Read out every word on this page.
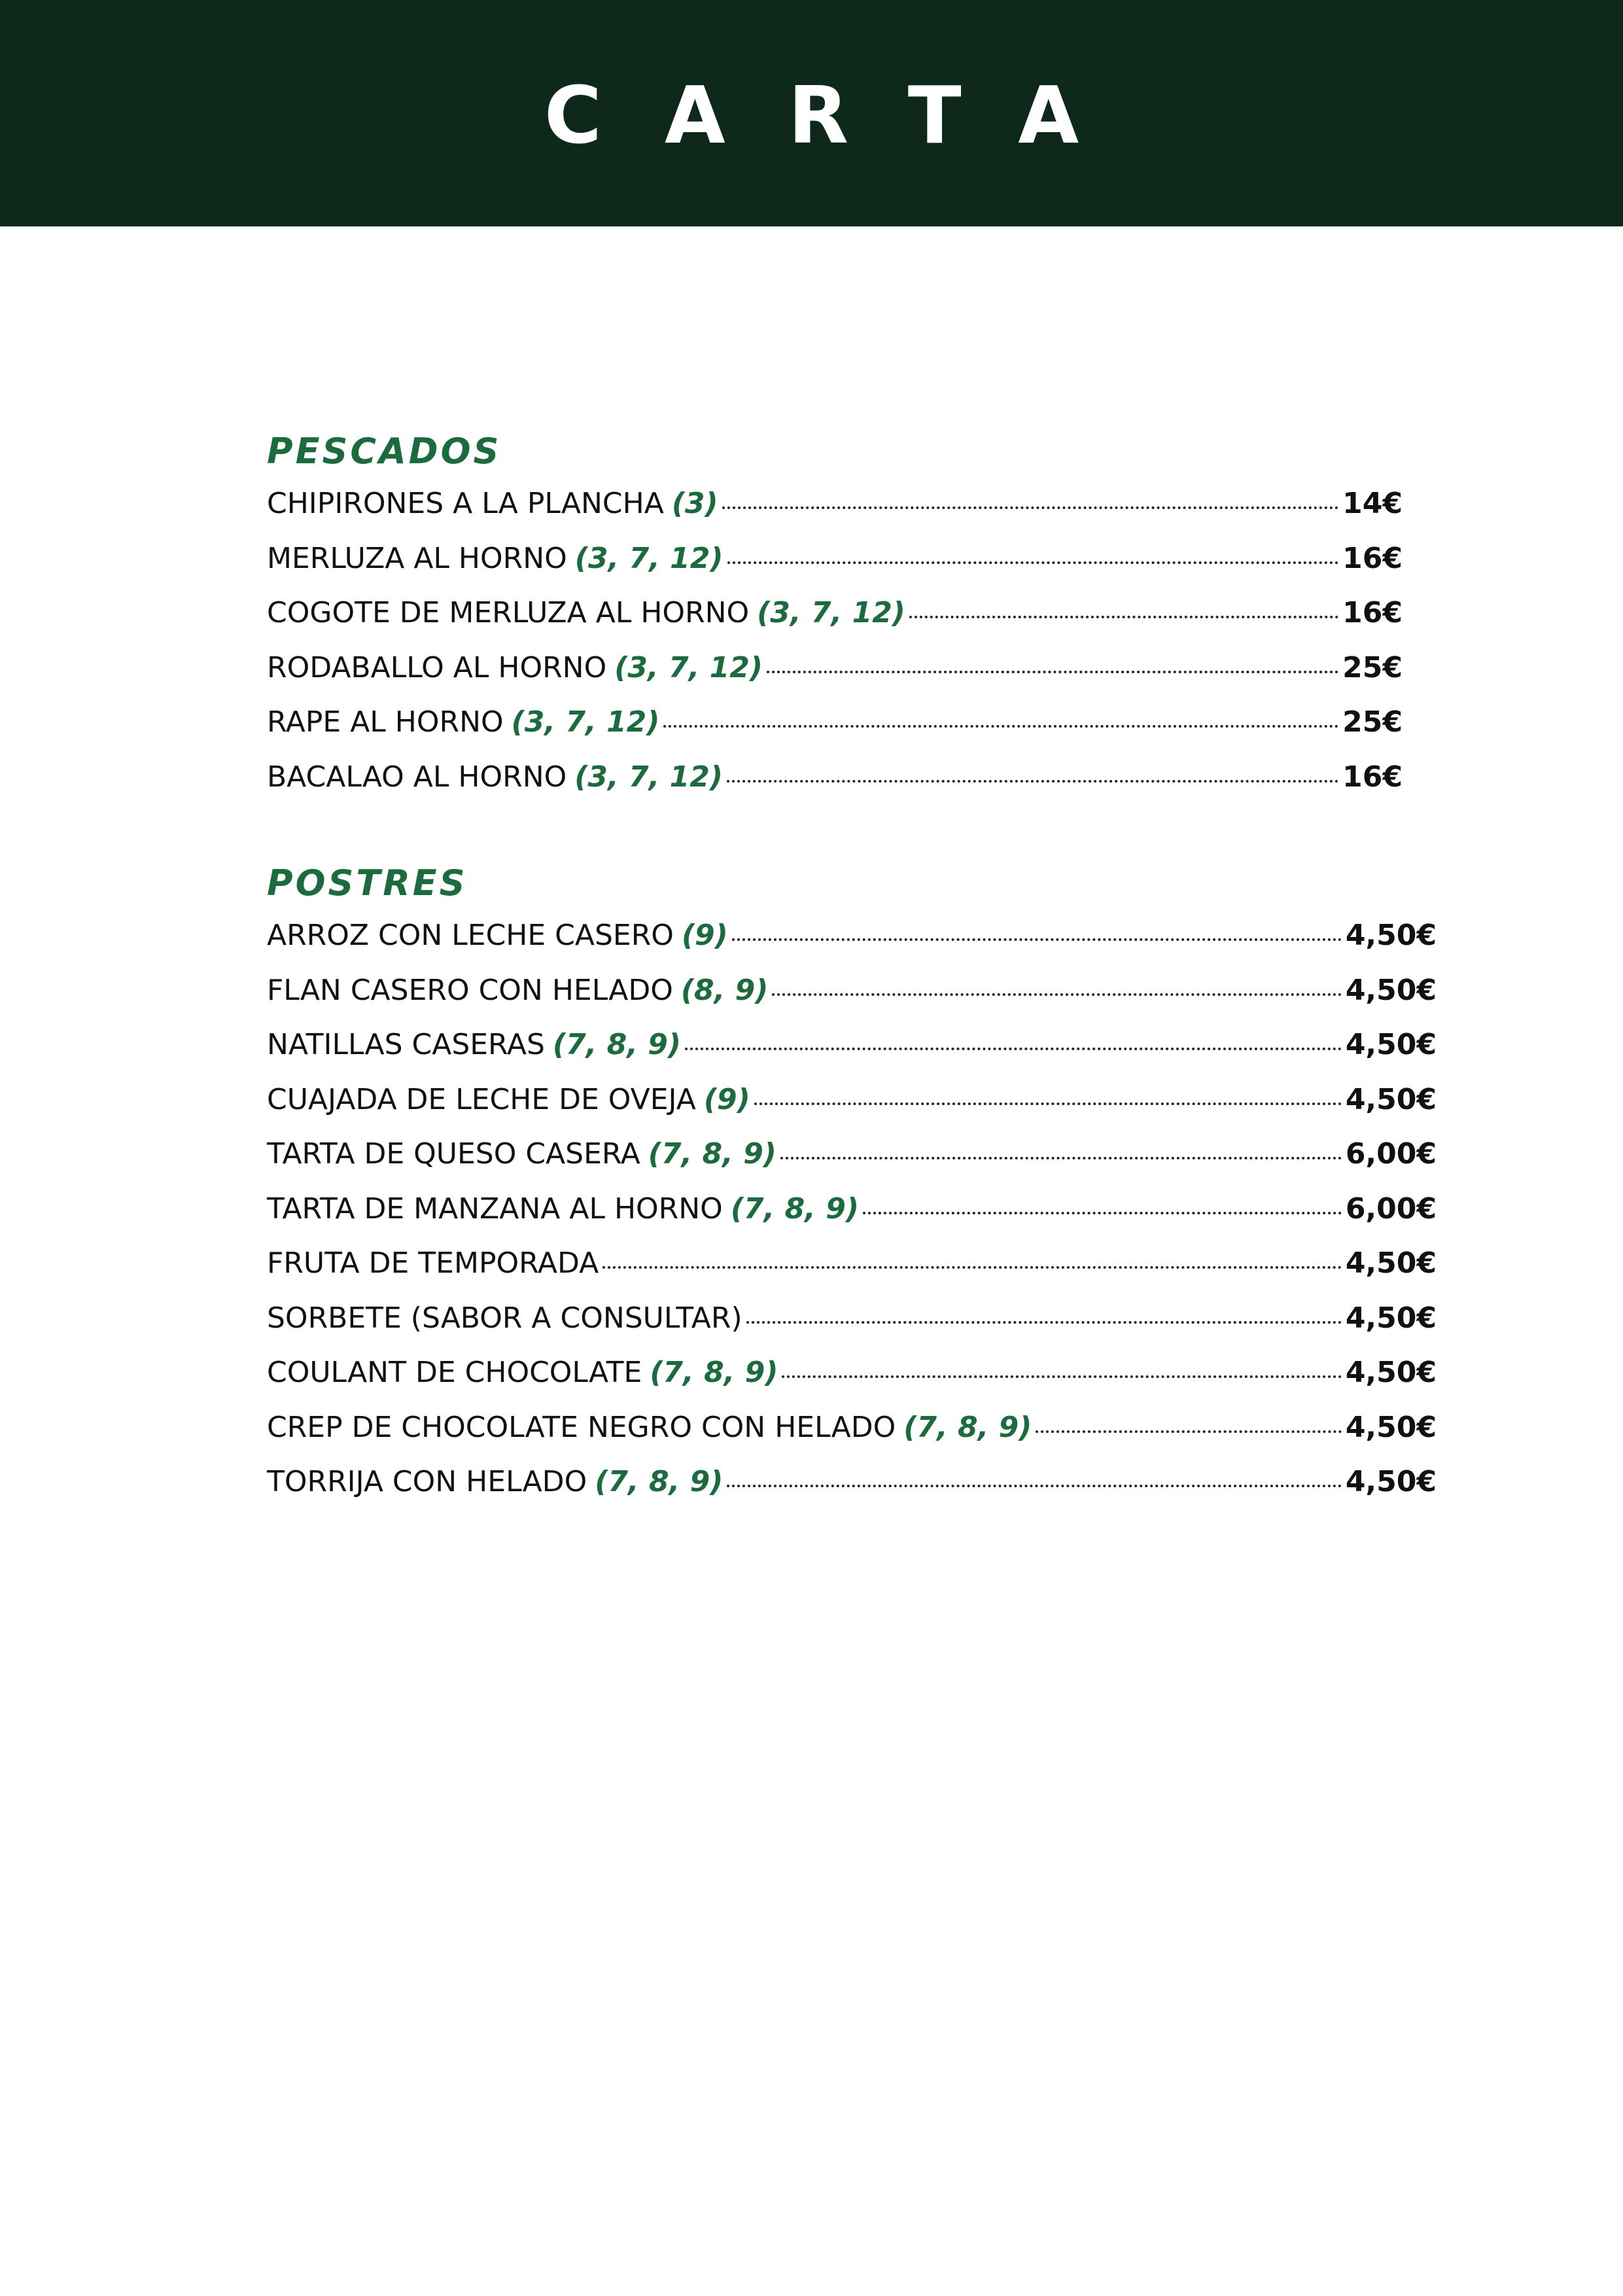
CARTA
PESCADOS
CHIPIRONES A LA PLANCHA (3)	14€
MERLUZA AL HORNO (3, 7, 12)	16€
COGOTE DE MERLUZA AL HORNO (3, 7, 12)	16€
RODABALLO AL HORNO (3, 7, 12)	25€
RAPE AL HORNO (3, 7, 12)	25€
BACALAO AL HORNO (3, 7, 12)	16€
POSTRES
ARROZ CON LECHE CASERO (9)	4,50€
FLAN CASERO CON HELADO (8, 9)	4,50€
NATILLAS CASERAS (7, 8, 9)	4,50€
CUAJADA DE LECHE DE OVEJA (9)	4,50€
TARTA DE QUESO CASERA (7, 8, 9)	6,00€
TARTA DE MANZANA AL HORNO (7, 8, 9)	6,00€
FRUTA DE TEMPORADA	4,50€
SORBETE (SABOR A CONSULTAR)	4,50€
COULANT DE CHOCOLATE (7, 8, 9)	4,50€
CREP DE CHOCOLATE NEGRO CON HELADO (7, 8, 9)	4,50€
TORRIJA CON HELADO (7, 8, 9)	4,50€
